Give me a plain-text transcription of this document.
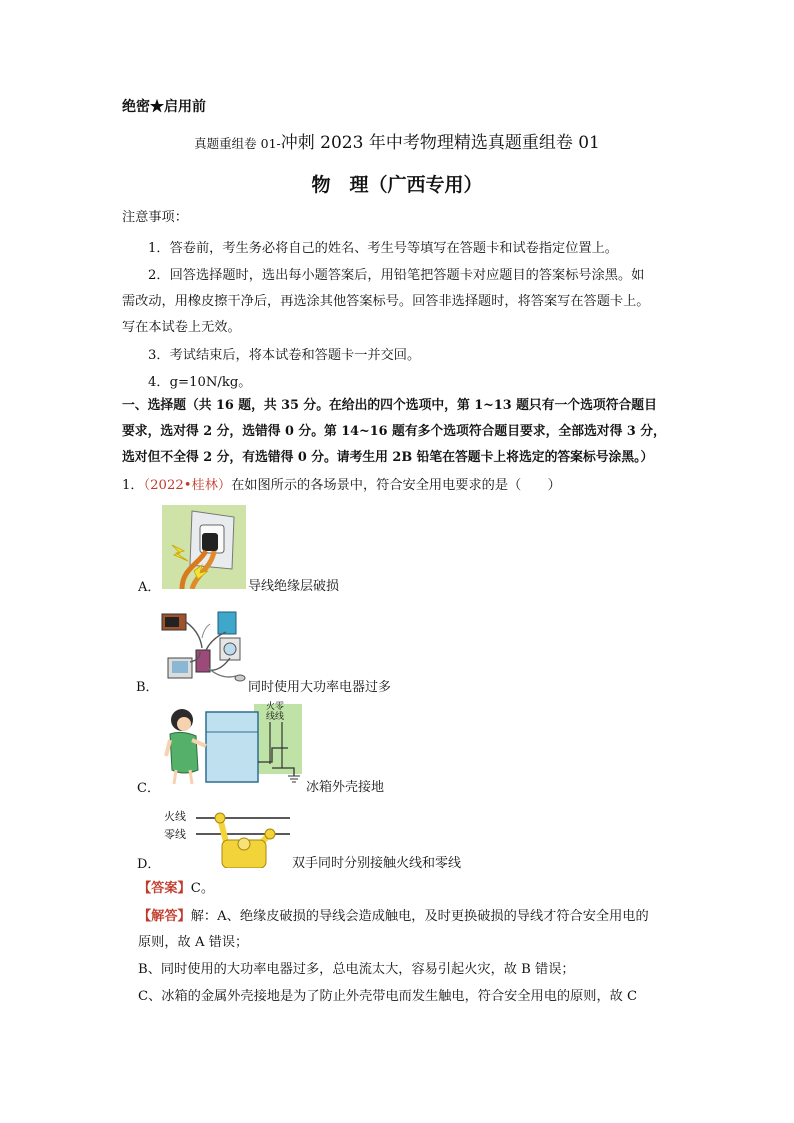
绝密★启用前
真题重组卷 01-冲刺 2023 年中考物理精选真题重组卷 01
物　理（广西专用）
注意事项：
1．答卷前，考生务必将自己的姓名、考生号等填写在答题卡和试卷指定位置上。
2．回答选择题时，选出每小题答案后，用铅笔把答题卡对应题目的答案标号涂黑。如
需改动，用橡皮擦干净后，再选涂其他答案标号。回答非选择题时，将答案写在答题卡上。
写在本试卷上无效。
3．考试结束后，将本试卷和答题卡一并交回。
4．g=10N/kg。
一、选择题（共 16 题，共 35 分。在给出的四个选项中，第 1~13 题只有一个选项符合题目
要求，选对得 2 分，选错得 0 分。第 14~16 题有多个选项符合题目要求，全部选对得 3 分，
选对但不全得 2 分，有选错得 0 分。请考生用 2B 铅笔在答题卡上将选定的答案标号涂黑。）
1．（2022•桂林）在如图所示的各场景中，符合安全用电要求的是（　　）
A．	导线绝缘层破损
B．	同时使用大功率电器过多
C．
火零
线线
冰箱外壳接地
D．
火线
零线
双手同时分别接触火线和零线
【答案】C。
【解答】解：A、绝缘皮破损的导线会造成触电，及时更换破损的导线才符合安全用电的
原则，故 A 错误；
B、同时使用的大功率电器过多，总电流太大，容易引起火灾，故 B 错误；
C、冰箱的金属外壳接地是为了防止外壳带电而发生触电，符合安全用电的原则，故 C
